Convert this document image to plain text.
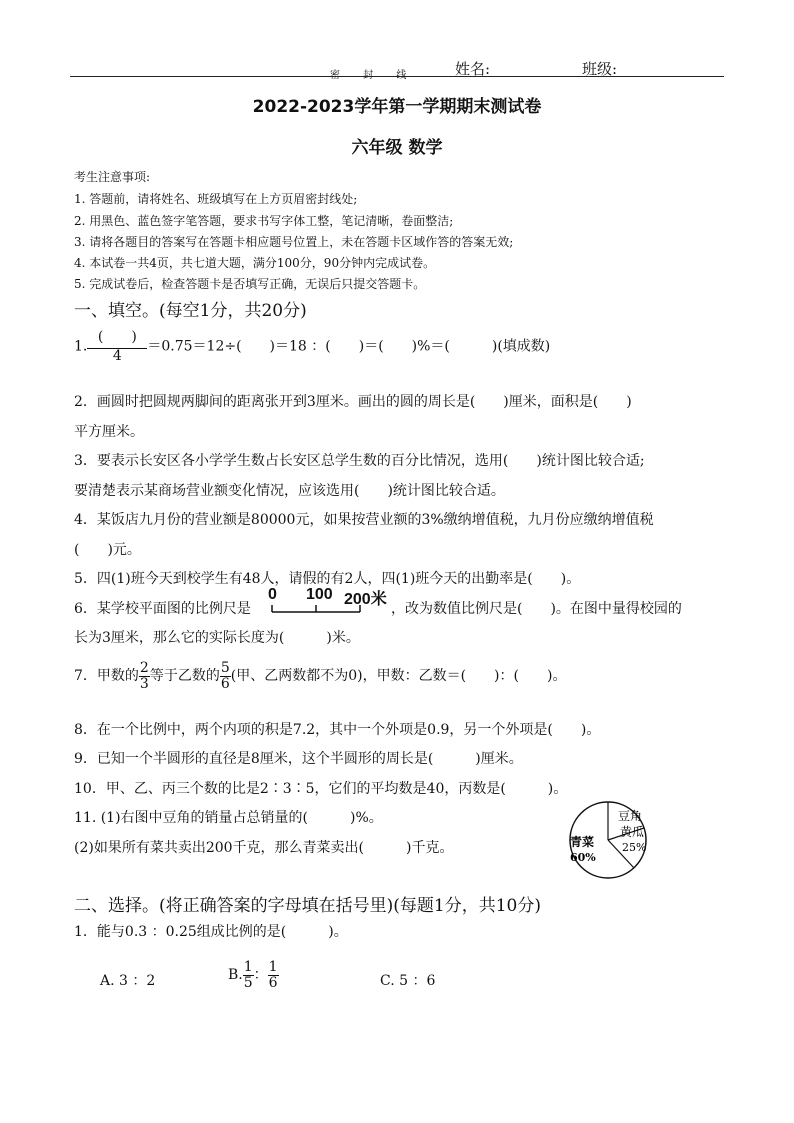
密 封 线	姓名:	班级:
2022-2023学年第一学期期末测试卷
六年级 数学
考生注意事项:
1. 答题前，请将姓名、班级填写在上方页眉密封线处;
2. 用黑色、蓝色签字笔答题，要求书写字体工整，笔记清晰，卷面整洁;
3. 请将各题目的答案写在答题卡相应题号位置上，未在答题卡区域作答的答案无效;
4. 本试卷一共4页，共七道大题，满分100分，90分钟内完成试卷。
5. 完成试卷后，检查答题卡是否填写正确，无误后只提交答题卡。
一、填空。(每空1分，共20分)
1. $\frac{( )}{4} =0.75=12\div$(　　)＝18 ：(　　)＝(　　)%＝(　　　)(填成数)
2．画圆时把圆规两脚间的距离张开到3厘米。画出的圆的周长是(　　)厘米，面积是(　　)
平方厘米。
3．要表示长安区各小学学生数占长安区总学生数的百分比情况，选用(　　)统计图比较合适;
要清楚表示某商场营业额变化情况，应该选用(　　)统计图比较合适。
4．某饭店九月份的营业额是80000元，如果按营业额的3%缴纳增值税，九月份应缴纳增值税
(　　)元。
5．四(1)班今天到校学生有48人，请假的有2人，四(1)班今天的出勤率是(　　)。
6．某学校平面图的比例尺是
0 100 200米
，改为数值比例尺是(　　)。在图中量得校园的
长为3厘米，那么它的实际长度为(　　　)米。
7．甲数的 $\frac{2}{3}$ 等于乙数的 $\frac{5}{6}$ (甲、乙两数都不为0)，甲数：乙数＝(　　)：(　　)。
8．在一个比例中，两个内项的积是7.2，其中一个外项是0.9，另一个外项是(　　)。
9．已知一个半圆形的直径是8厘米，这个半圆形的周长是(　　　)厘米。
10．甲、乙、丙三个数的比是2∶3∶5，它们的平均数是40，丙数是(　　　)。
11. (1)右图中豆角的销量占总销量的(　　　)%。
(2)如果所有菜共卖出200千克，那么青菜卖出(　　　)千克。
豆角
黄瓜
25%
青菜
60%
二、选择。(将正确答案的字母填在括号里)(每题1分，共10分)
1．能与0.3 ：0.25组成比例的是(　　　)。
A. 3 ：2	B. $\frac{1}{5}$ ： $\frac{1}{6}$	C. 5 ：6
